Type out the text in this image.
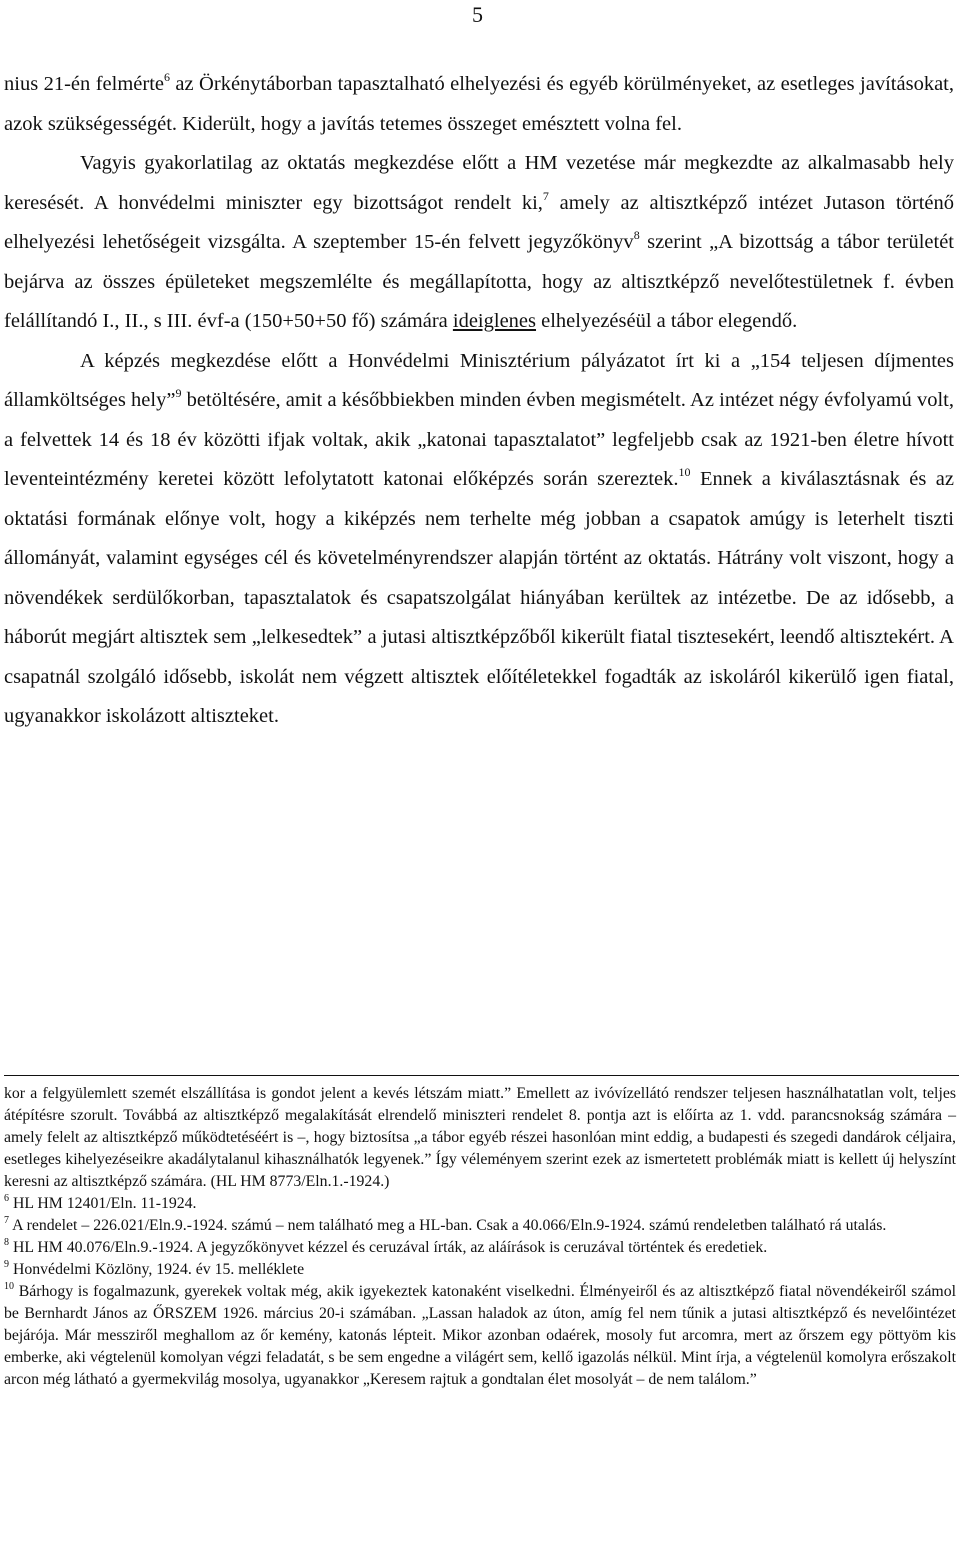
5

nius 21-én felmérte$^6$ az Örkénytáborban tapasztalható elhelyezési és egyéb körülményeket, az esetleges javításokat, azok szükségességét. Kiderült, hogy a javítás tetemes összeget emésztett volna fel.

Vagyis gyakorlatilag az oktatás megkezdése előtt a HM vezetése már megkezdte az alkalmasabb hely keresését. A honvédelmi miniszter egy bizottságot rendelt ki,$^7$ amely az altisztképző intézet Jutason történő elhelyezési lehetőségeit vizsgálta. A szeptember 15-én felvett jegyzőkönyv$^8$ szerint „A bizottság a tábor területét bejárva az összes épületeket megszemlélte és megállapította, hogy az altisztképző nevelőtestületnek f. évben felállítandó I., II., s III. évf-a (150+50+50 fő) számára ideiglenes elhelyezéséül a tábor elegendő.

A képzés megkezdése előtt a Honvédelmi Minisztérium pályázatot írt ki a „154 teljesen díjmentes államköltséges hely”$^9$ betöltésére, amit a későbbiekben minden évben megismételt. Az intézet négy évfolyamú volt, a felvettek 14 és 18 év közötti ifjak voltak, akik „katonai tapasztalatot” legfeljebb csak az 1921-ben életre hívott leventeintézmény keretei között lefolytatott katonai előképzés során szereztek.$^{10}$ Ennek a kiválasztásnak és az oktatási formának előnye volt, hogy a kiképzés nem terhelte még jobban a csapatok amúgy is leterhelt tiszti állományát, valamint egységes cél és követelményrendszer alapján történt az oktatás. Hátrány volt viszont, hogy a növendékek serdülőkorban, tapasztalatok és csapatszolgálat hiányában kerültek az intézetbe. De az idősebb, a háborút megjárt altisztek sem „lelkesedtek” a jutasi altisztképzőből kikerült fiatal tisztesekért, leendő altisztekért. A csapatnál szolgáló idősebb, iskolát nem végzett altisztek előítéletekkel fogadták az iskoláról kikerülő igen fiatal, ugyanakkor iskolázott altiszteket.

kor a felgyülemlett szemét elszállítása is gondot jelent a kevés létszám miatt.” Emellett az ivóvízellátó rendszer teljesen használhatatlan volt, teljes átépítésre szorult. Továbbá az altisztképző megalakítását elrendelő miniszteri rendelet 8. pontja azt is előírta az 1. vdd. parancsnokság számára – amely felelt az altisztképző működtetéséért is –, hogy biztosítsa „a tábor egyéb részei hasonlóan mint eddig, a budapesti és szegedi dandárok céljaira, esetleges kihelyezéseikre akadálytalanul kihasználhatók legyenek.” Így véleményem szerint ezek az ismertetett problémák miatt is kellett új helyszínt keresni az altisztképző számára. (HL HM 8773/Eln.1.-1924.)

$^6$ HL HM 12401/Eln. 11-1924.

$^7$ A rendelet – 226.021/Eln.9.-1924. számú – nem található meg a HL-ban. Csak a 40.066/Eln.9-1924. számú rendeletben található rá utalás.

$^8$ HL HM 40.076/Eln.9.-1924. A jegyzőkönyvet kézzel és ceruzával írták, az aláírások is ceruzával történtek és eredetiek.

$^9$ Honvédelmi Közlöny, 1924. év 15. melléklete

$^{10}$ Bárhogy is fogalmazunk, gyerekek voltak még, akik igyekeztek katonaként viselkedni. Élményeiről és az altisztképző fiatal növendékeiről számol be Bernhardt János az ŐRSZEM 1926. március 20-i számában. „Lassan haladok az úton, amíg fel nem tűnik a jutasi altisztképző és nevelőintézet bejárója. Már messziről meghallom az őr kemény, katonás lépteit. Mikor azonban odaérek, mosoly fut arcomra, mert az őrszem egy pöttyöm kis emberke, aki végtelenül komolyan végzi feladatát, s be sem engedne a világért sem, kellő igazolás nélkül. Mint írja, a végtelenül komolyra erőszakolt arcon még látható a gyermekvilág mosolya, ugyanakkor „Keresem rajtuk a gondtalan élet mosolyát – de nem találom.”
